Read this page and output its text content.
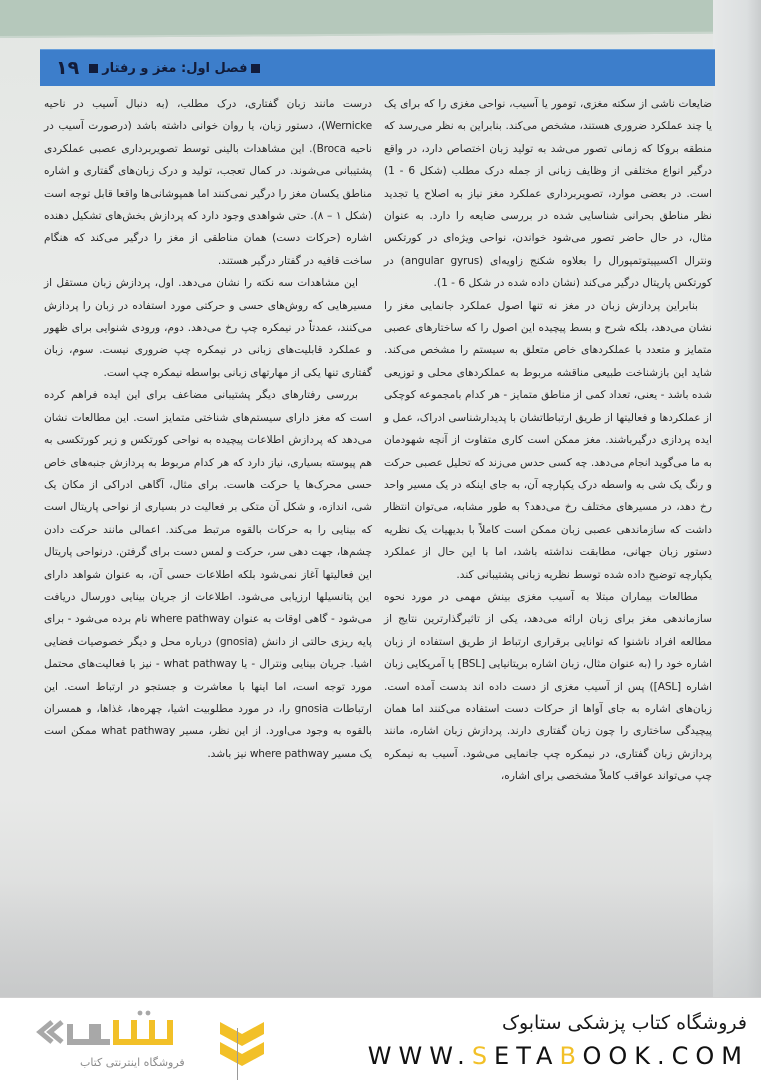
۱۹ فصل اول: مغز و رفتار

ضایعات ناشی از سکته مغزی، تومور یا آسیب، نواحی مغزی را که برای یک یا چند عملکرد ضروری هستند، مشخص می‌کند. بنابراین به نظر می‌رسد که منطقه بروکا که زمانی تصور می‌شد به تولید زبان اختصاص دارد، در واقع درگیر انواع مختلفی از وظایف زبانی از جمله درک مطلب (شکل 6 - 1) است. در بعضی موارد، تصویربرداری عملکرد مغز نیاز به اصلاح یا تجدید نظر مناطق بحرانی شناسایی شده در بررسی ضایعه را دارد. به عنوان مثال، در حال حاضر تصور می‌شود خواندن، نواحی ویژه‌ای در کورتکس ونترال اکسیپیتوتمپورال را بعلاوه شکنج زاویه‌ای (angular gyrus) در کورتکس پاریتال درگیر می‌کند (نشان داده شده در شکل 6 - 1).

بنابراین پردازش زبان در مغز نه تنها اصول عملکرد جانمایی مغز را نشان می‌دهد، بلکه شرح و بسط پیچیده این اصول را که ساختارهای عصبی متمایز و متعدد با عملکردهای خاص متعلق به سیستم را مشخص می‌کند. شاید این بازشناخت طبیعی مناقشه مربوط به عملکردهای محلی و توزیعی شده باشد - یعنی، تعداد کمی از مناطق متمایز - هر کدام بامجموعه کوچکی از عملکردها و فعالیتها از طریق ارتباطاتشان با پدیدارشناسی ادراک، عمل و ایده پردازی درگیرباشند. مغز ممکن است کاری متفاوت از آنچه شهودمان به ما می‌گوید انجام می‌دهد. چه کسی حدس می‌زند که تحلیل عصبی حرکت و رنگ یک شی به واسطه درک یکپارچه آن، به جای اینکه در یک مسیر واحد رخ دهد، در مسیرهای مختلف رخ می‌دهد؟ به طور مشابه، می‌توان انتظار داشت که سازماندهی عصبی زبان ممکن است کاملاً با بدیهیات یک نظریه دستور زبان جهانی، مطابقت نداشته باشد، اما با این حال از عملکرد یکپارچه توضیح داده شده توسط نظریه زبانی پشتیبانی کند.

مطالعات بیماران مبتلا به آسیب مغزی بینش مهمی در مورد نحوه سازماندهی مغز برای زبان ارائه می‌دهد، یکی از تاثیرگذارترین نتایج از مطالعه افراد ناشنوا که توانایی برقراری ارتباط از طریق استفاده از زبان اشاره خود را (به عنوان مثال، زبان اشاره بریتانیایی [BSL] یا آمریکایی زبان اشاره [ASL]) پس از آسیب مغزی از دست داده اند بدست آمده است. زبان‌های اشاره به جای آواها از حرکات دست استفاده می‌کنند اما همان پیچیدگی ساختاری را چون زبان گفتاری دارند. پردازش زبان اشاره، مانند پردازش زبان گفتاری، در نیمکره چپ جانمایی می‌شود. آسیب به نیمکره چپ می‌تواند عواقب کاملاً مشخصی برای اشاره،

درست مانند زبان گفتاری، درک مطلب، (به دنبال آسیب در ناحیه Wernicke)، دستور زبان، یا روان خوانی داشته باشد (درصورت آسیب در ناحیه Broca). این مشاهدات بالینی توسط تصویربرداری عصبی عملکردی پشتیبانی می‌شوند. در کمال تعجب، تولید و درک زبان‌های گفتاری و اشاره مناطق یکسان مغز را درگیر نمی‌کنند اما همپوشانی‌ها واقعا قابل توجه است (شکل ۱ – ۸). حتی شواهدی وجود دارد که پردازش بخش‌های تشکیل دهنده اشاره (حرکات دست) همان مناطقی از مغز را درگیر می‌کند که هنگام ساخت قافیه در گفتار درگیر هستند.

این مشاهدات سه نکته را نشان می‌دهد. اول، پردازش زبان مستقل از مسیرهایی که روش‌های حسی و حرکتی مورد استفاده در زبان را پردازش می‌کنند، عمدتاً در نیمکره چپ رخ می‌دهد. دوم، ورودی شنوایی برای ظهور و عملکرد قابلیت‌های زبانی در نیمکره چپ ضروری نیست. سوم، زبان گفتاری تنها یکی از مهارتهای زبانی بواسطه نیمکره چپ است.

بررسی رفتارهای دیگر پشتیبانی مضاعف برای این ایده فراهم کرده است که مغز دارای سیستم‌های شناختی متمایز است. این مطالعات نشان می‌دهد که پردازش اطلاعات پیچیده به نواحی کورتکس و زیر کورتکسی به هم پیوسته بسیاری، نیاز دارد که هر کدام مربوط به پردازش جنبه‌های خاص حسی محرک‌ها یا حرکت هاست. برای مثال، آگاهی ادراکی از مکان یک شی، اندازه، و شکل آن متکی بر فعالیت در بسیاری از نواحی پاریتال است که بینایی را به حرکات بالقوه مرتبط می‌کند. اعمالی مانند حرکت دادن چشم‌ها، جهت دهی سر، حرکت و لمس دست برای گرفتن. درنواحی پاریتال این فعالیتها آغاز نمی‌شود بلکه اطلاعات حسی آن، به عنوان شواهد دارای این پتانسیلها ارزیابی می‌شود. اطلاعات از جریان بینایی دورسال دریافت می‌شود - گاهی اوقات به عنوان where pathway نام برده می‌شود - برای پایه ریزی حالتی از دانش (gnosia) درباره محل و دیگر خصوصیات فضایی اشیا. جریان بینایی ونترال - یا what pathway - نیز با فعالیت‌های محتمل مورد توجه است، اما اینها با معاشرت و جستجو در ارتباط است. این ارتباطات gnosia را، در مورد مطلوبیت اشیا، چهره‌ها، غذاها، و همسران بالقوه به وجود می‌اورد. از این نظر، مسیر what pathway ممکن است یک مسیر where pathway نیز باشد.

فروشگاه اینترنتی کتاب
فروشگاه کتاب پزشکی ستابوک
WWW.SETABOOK.COM
